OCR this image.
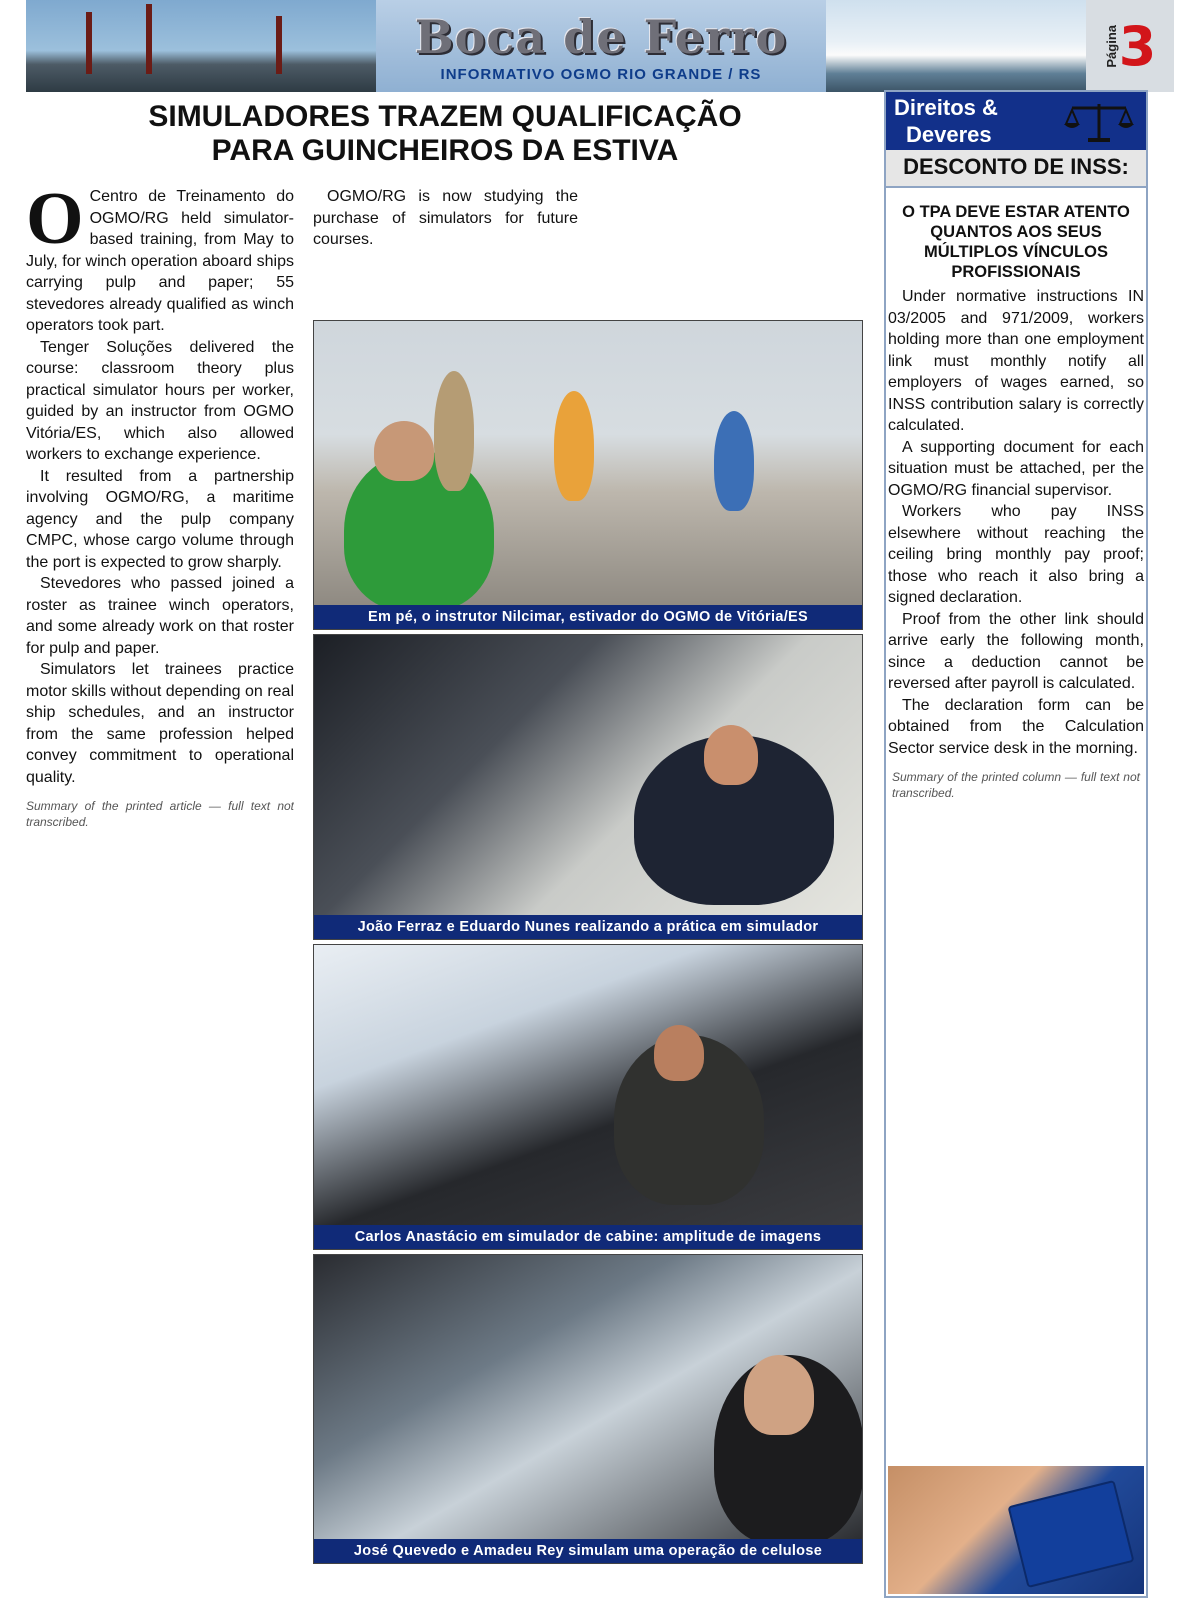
Boca de Ferro
INFORMATIVO OGMO RIO GRANDE / RS
Página 3
SIMULADORES TRAZEM QUALIFICAÇÃO
PARA GUINCHEIROS DA ESTIVA

O Centro de Treinamento do OGMO/RG held simulator-based training, from May to July, for winch operation aboard ships carrying pulp and paper; 55 stevedores already qualified as winch operators took part.

Tenger Soluções delivered the course: classroom theory plus practical simulator hours per worker, guided by an instructor from OGMO Vitória/ES, which also allowed workers to exchange experience.

It resulted from a partnership involving OGMO/RG, a maritime agency and the pulp company CMPC, whose cargo volume through the port is expected to grow sharply.

Stevedores who passed joined a roster as trainee winch operators, and some already work on that roster for pulp and paper.

Simulators let trainees practice motor skills without depending on real ship schedules, and an instructor from the same profession helped convey commitment to operational quality.

Summary of the printed article — full text not transcribed.

OGMO/RG is now studying the purchase of simulators for future courses.

Em pé, o instrutor Nilcimar, estivador do OGMO de Vitória/ES
João Ferraz e Eduardo Nunes realizando a prática em simulador
Carlos Anastácio em simulador de cabine: amplitude de imagens
José Quevedo e Amadeu Rey simulam uma operação de celulose
Direitos &
Deveres
DESCONTO DE INSS:
O TPA DEVE ESTAR ATENTO QUANTOS AOS SEUS MÚLTIPLOS VÍNCULOS PROFISSIONAIS

Under normative instructions IN 03/2005 and 971/2009, workers holding more than one employment link must monthly notify all employers of wages earned, so INSS contribution salary is correctly calculated.

A supporting document for each situation must be attached, per the OGMO/RG financial supervisor.

Workers who pay INSS elsewhere without reaching the ceiling bring monthly pay proof; those who reach it also bring a signed declaration.

Proof from the other link should arrive early the following month, since a deduction cannot be reversed after payroll is calculated.

The declaration form can be obtained from the Calculation Sector service desk in the morning.

Summary of the printed column — full text not transcribed.
